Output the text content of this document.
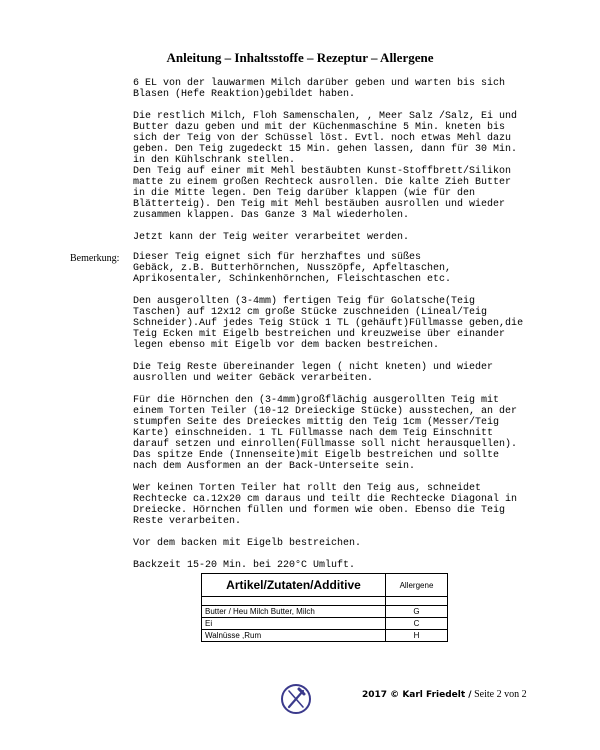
Anleitung – Inhaltsstoffe – Rezeptur – Allergene

6 EL von der lauwarmen Milch darüber geben und warten bis sich
Blasen (Hefe Reaktion)gebildet haben.

Die restlich Milch, Floh Samenschalen, , Meer Salz /Salz, Ei und
Butter dazu geben und mit der Küchenmaschine 5 Min. kneten bis
sich der Teig von der Schüssel löst. Evtl. noch etwas Mehl dazu
geben. Den Teig zugedeckt 15 Min. gehen lassen, dann für 30 Min.
in den Kühlschrank stellen.
Den Teig auf einer mit Mehl bestäubten Kunst-Stoffbrett/Silikon
matte zu einem großen Rechteck ausrollen. Die kalte Zieh Butter
in die Mitte legen. Den Teig darüber klappen (wie für den
Blätterteig). Den Teig mit Mehl bestäuben ausrollen und wieder
zusammen klappen. Das Ganze 3 Mal wiederholen.

Jetzt kann der Teig weiter verarbeitet werden.

Bemerkung: Dieser Teig eignet sich für herzhaftes und süßes
Gebäck, z.B. Butterhörnchen, Nusszöpfe, Apfeltaschen,
Aprikosentaler, Schinkenhörnchen, Fleischtaschen etc.

Den ausgerollten (3-4mm) fertigen Teig für Golatsche(Teig
Taschen) auf 12x12 cm große Stücke zuschneiden (Lineal/Teig
Schneider).Auf jedes Teig Stück 1 TL (gehäuft)Füllmasse geben,die
Teig Ecken mit Eigelb bestreichen und kreuzweise über einander
legen ebenso mit Eigelb vor dem backen bestreichen.

Die Teig Reste übereinander legen ( nicht kneten) und wieder
ausrollen und weiter Gebäck verarbeiten.

Für die Hörnchen den (3-4mm)großflächig ausgerollten Teig mit
einem Torten Teiler (10-12 Dreieckige Stücke) ausstechen, an der
stumpfen Seite des Dreieckes mittig den Teig 1cm (Messer/Teig
Karte) einschneiden. 1 TL Füllmasse nach dem Teig Einschnitt
darauf setzen und einrollen(Füllmasse soll nicht herausquellen).
Das spitze Ende (Innenseite)mit Eigelb bestreichen und sollte
nach dem Ausformen an der Back-Unterseite sein.

Wer keinen Torten Teiler hat rollt den Teig aus, schneidet
Rechtecke ca.12x20 cm daraus und teilt die Rechtecke Diagonal in
Dreiecke. Hörnchen füllen und formen wie oben. Ebenso die Teig
Reste verarbeiten.

Vor dem backen mit Eigelb bestreichen.

Backzeit 15-20 Min. bei 220°C Umluft.

Artikel/Zutaten/Additive	Allergene

Butter / Heu Milch Butter, Milch	G
Ei	C
Walnüsse ,Rum	H
2017 © Karl Friedelt / Seite 2 von 2
